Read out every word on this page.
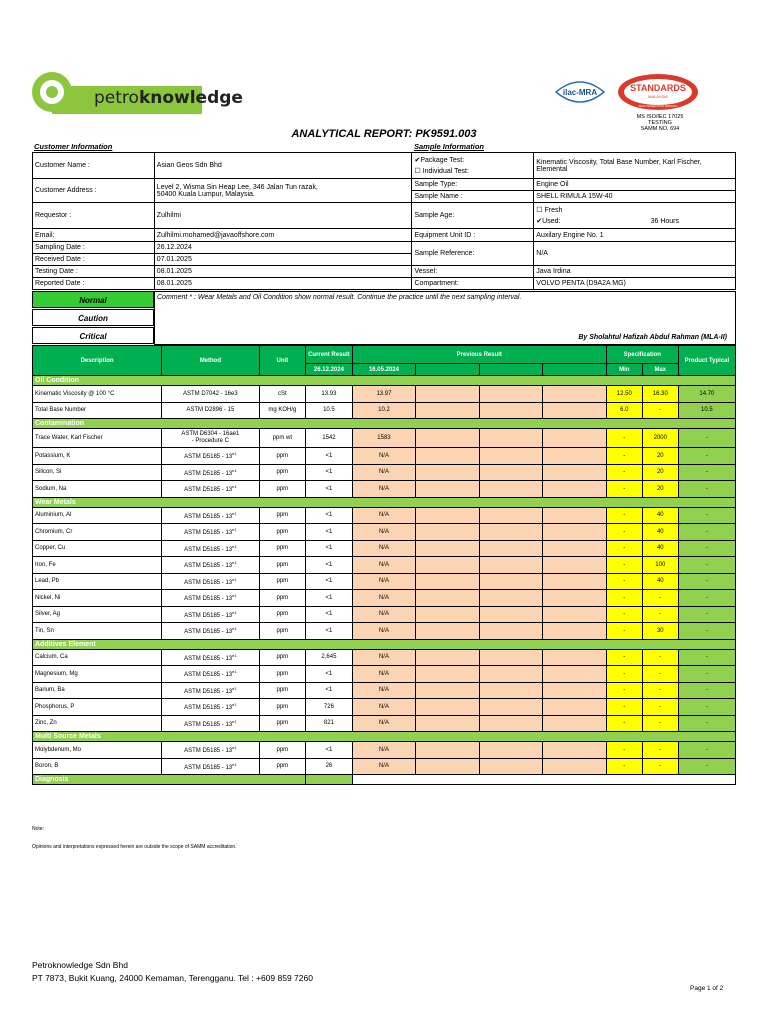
petroknowledge	ilac-MRA	STANDARDS
MALAYSIA
SKIM AKREDITASI MAKMAL
MS ISO/IEC 17025
TESTING
SAMM NO. 694
ANALYTICAL REPORT: PK9591.003
Customer Information	Sample Information
Customer Name :	Asian Geos Sdn Bhd	✔Package Test:
☐ Individual Test:	Kinematic Viscosity, Total Base Number, Karl Fischer, Elemental
Customer Address :	Level 2, Wisma Sin Heap Lee, 346 Jalan Tun razak,
50400 Kuala Lumpur, Malaysia.	Sample Type:	Engine Oil
		Sample Name :	SHELL RIMULA 15W-40
Requestor :	Zulhilmi	Sample Age:	☐ Fresh
✔Used: 36 Hours

Email:	Zulhilmi.mohamed@javaoffshore.com	Equipment Unit ID :	Auxilary Engine No. 1
Sampling Date :	26.12.2024	Sample Reference:	N/A
Received Date :	07.01.2025		
Testing Date :	08.01.2025	Vessel:	Java Irdina
Reported Date :	08.01.2025	Compartment:	VOLVO PENTA (D9A2A MG)
Normal
Caution
Critical
Comment * : Wear Metals and Oil Condition show normal result. Continue the practice until the next sampling interval.
By Sholahtul Hafizah Abdul Rahman (MLA-II)
Description	Method	Unit	Current Result	Previous Result				Specification		Product Typical
			26.12.2024	16.05.2024				Min	Max	
Oil Condition										
Kinematic Viscosity @ 100 °C	ASTM D7042 - 16e3	cSt	13.93	13.97				12.50	16.30	14.70
Total Base Number	ASTM D2896 - 15	mg KOH/g	10.5	10.2				6.0	-	10.5
Contamination										
Trace Water, Karl Fischer	ASTM D6304 - 16ae1
- Procedure C	ppm wt	1542	1583				-	2000	-
Potassium, K	ASTM $D5185 - 13^{e1}$	ppm	<1	N/A				-	20	-
Silicon, Si	ASTM $D5185 - 13^{e1}$	ppm	<1	N/A				-	20	-
Sodium, Na	ASTM $D5185 - 13^{e1}$	ppm	<1	N/A				-	20	-
Wear Metals										
Aluminium, Al	ASTM $D5185 - 13^{e1}$	ppm	<1	N/A				-	40	-
Chromium, Cr	ASTM $D5185 - 13^{e1}$	ppm	<1	N/A				-	40	-
Copper, Cu	ASTM $D5185 - 13^{e1}$	ppm	<1	N/A				-	40	-
Iron, Fe	ASTM $D5185 - 13^{e1}$	ppm	<1	N/A				-	100	-
Lead, Pb	ASTM $D5185 - 13^{e1}$	ppm	<1	N/A				-	40	-
Nickel, Ni	ASTM $D5185 - 13^{e1}$	ppm	<1	N/A				-	-	-
Silver, Ag	ASTM $D5185 - 13^{e1}$	ppm	<1	N/A				-	-	-
Tin, Sn	ASTM $D5185 - 13^{e1}$	ppm	<1	N/A				-	30	-
Additives Element										
Calcium, Ca	ASTM $D5185 - 13^{e1}$	ppm	2,645	N/A				-	-	-
Magnesium, Mg	ASTM $D5185 - 13^{e1}$	ppm	<1	N/A				-	-	-
Barium, Ba	ASTM $D5185 - 13^{e1}$	ppm	<1	N/A				-	-	-
Phosphorus, P	ASTM $D5185 - 13^{e1}$	ppm	726	N/A				-	-	-
Zinc, Zn	ASTM $D5185 - 13^{e1}$	ppm	821	N/A				-	-	-
Multi Source Metals										
Molybdenum, Mo	ASTM $D5185 - 13^{e1}$	ppm	<1	N/A				-	-	-
Boron, B	ASTM $D5185 - 13^{e1}$	ppm	26	N/A				-	-	-
Diagnosis										
Note:
Opinions and interpretations expressed herein are outside the scope of SAMM accreditation.
Petroknowledge Sdn Bhd
PT 7873, Bukit Kuang, 24000 Kemaman, Terengganu. Tel : +609 859 7260
Page 1 of 2
